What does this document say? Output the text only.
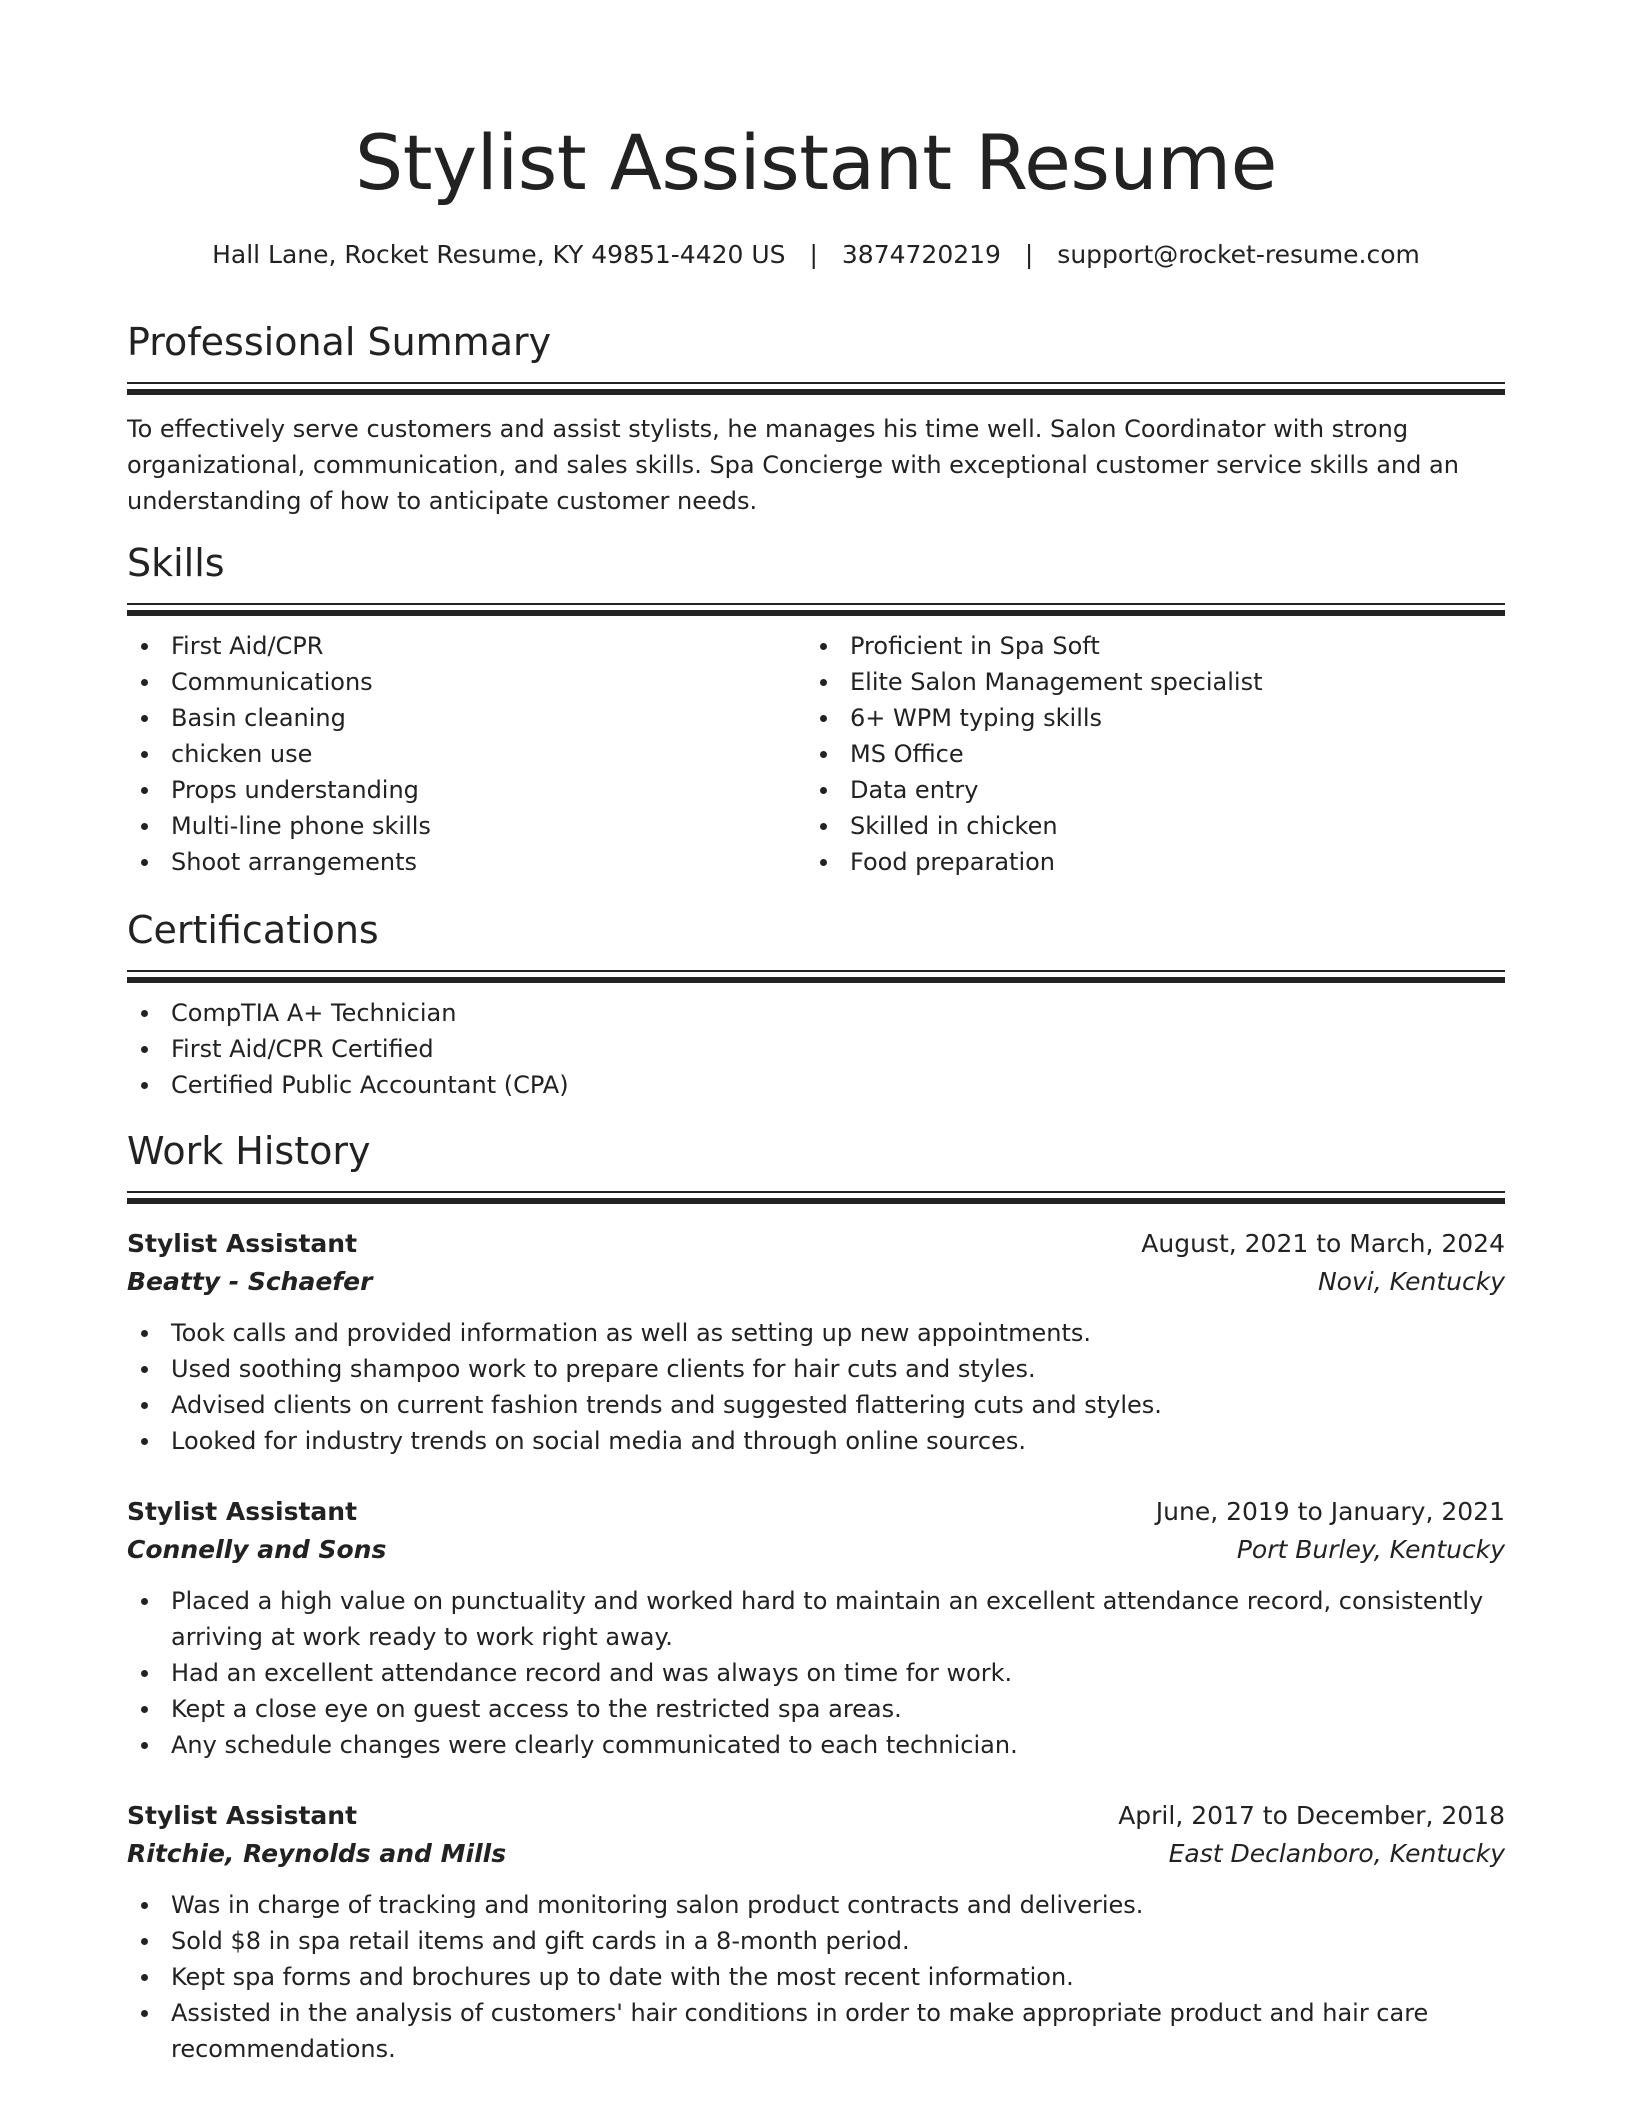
Stylist Assistant Resume
Hall Lane, Rocket Resume, KY 49851-4420 US | 3874720219 | support@rocket-resume.com
Professional Summary

To effectively serve customers and assist stylists, he manages his time well. Salon Coordinator with strong organizational, communication, and sales skills. Spa Concierge with exceptional customer service skills and an understanding of how to anticipate customer needs.

Skills
First Aid/CPR
Communications
Basin cleaning
chicken use
Props understanding
Multi-line phone skills
Shoot arrangements
Proficient in Spa Soft
Elite Salon Management specialist
6+ WPM typing skills
MS Office
Data entry
Skilled in chicken
Food preparation
Certifications
CompTIA A+ Technician
First Aid/CPR Certified
Certified Public Accountant (CPA)
Work History
Stylist Assistant	August, 2021 to March, 2024
Beatty - Schaefer	Novi, Kentucky
Took calls and provided information as well as setting up new appointments.
Used soothing shampoo work to prepare clients for hair cuts and styles.
Advised clients on current fashion trends and suggested flattering cuts and styles.
Looked for industry trends on social media and through online sources.
Stylist Assistant	June, 2019 to January, 2021
Connelly and Sons	Port Burley, Kentucky
Placed a high value on punctuality and worked hard to maintain an excellent attendance record, consistently arriving at work ready to work right away.
Had an excellent attendance record and was always on time for work.
Kept a close eye on guest access to the restricted spa areas.
Any schedule changes were clearly communicated to each technician.
Stylist Assistant	April, 2017 to December, 2018
Ritchie, Reynolds and Mills	East Declanboro, Kentucky
Was in charge of tracking and monitoring salon product contracts and deliveries.
Sold $8 in spa retail items and gift cards in a 8-month period.
Kept spa forms and brochures up to date with the most recent information.
Assisted in the analysis of customers' hair conditions in order to make appropriate product and hair care recommendations.
